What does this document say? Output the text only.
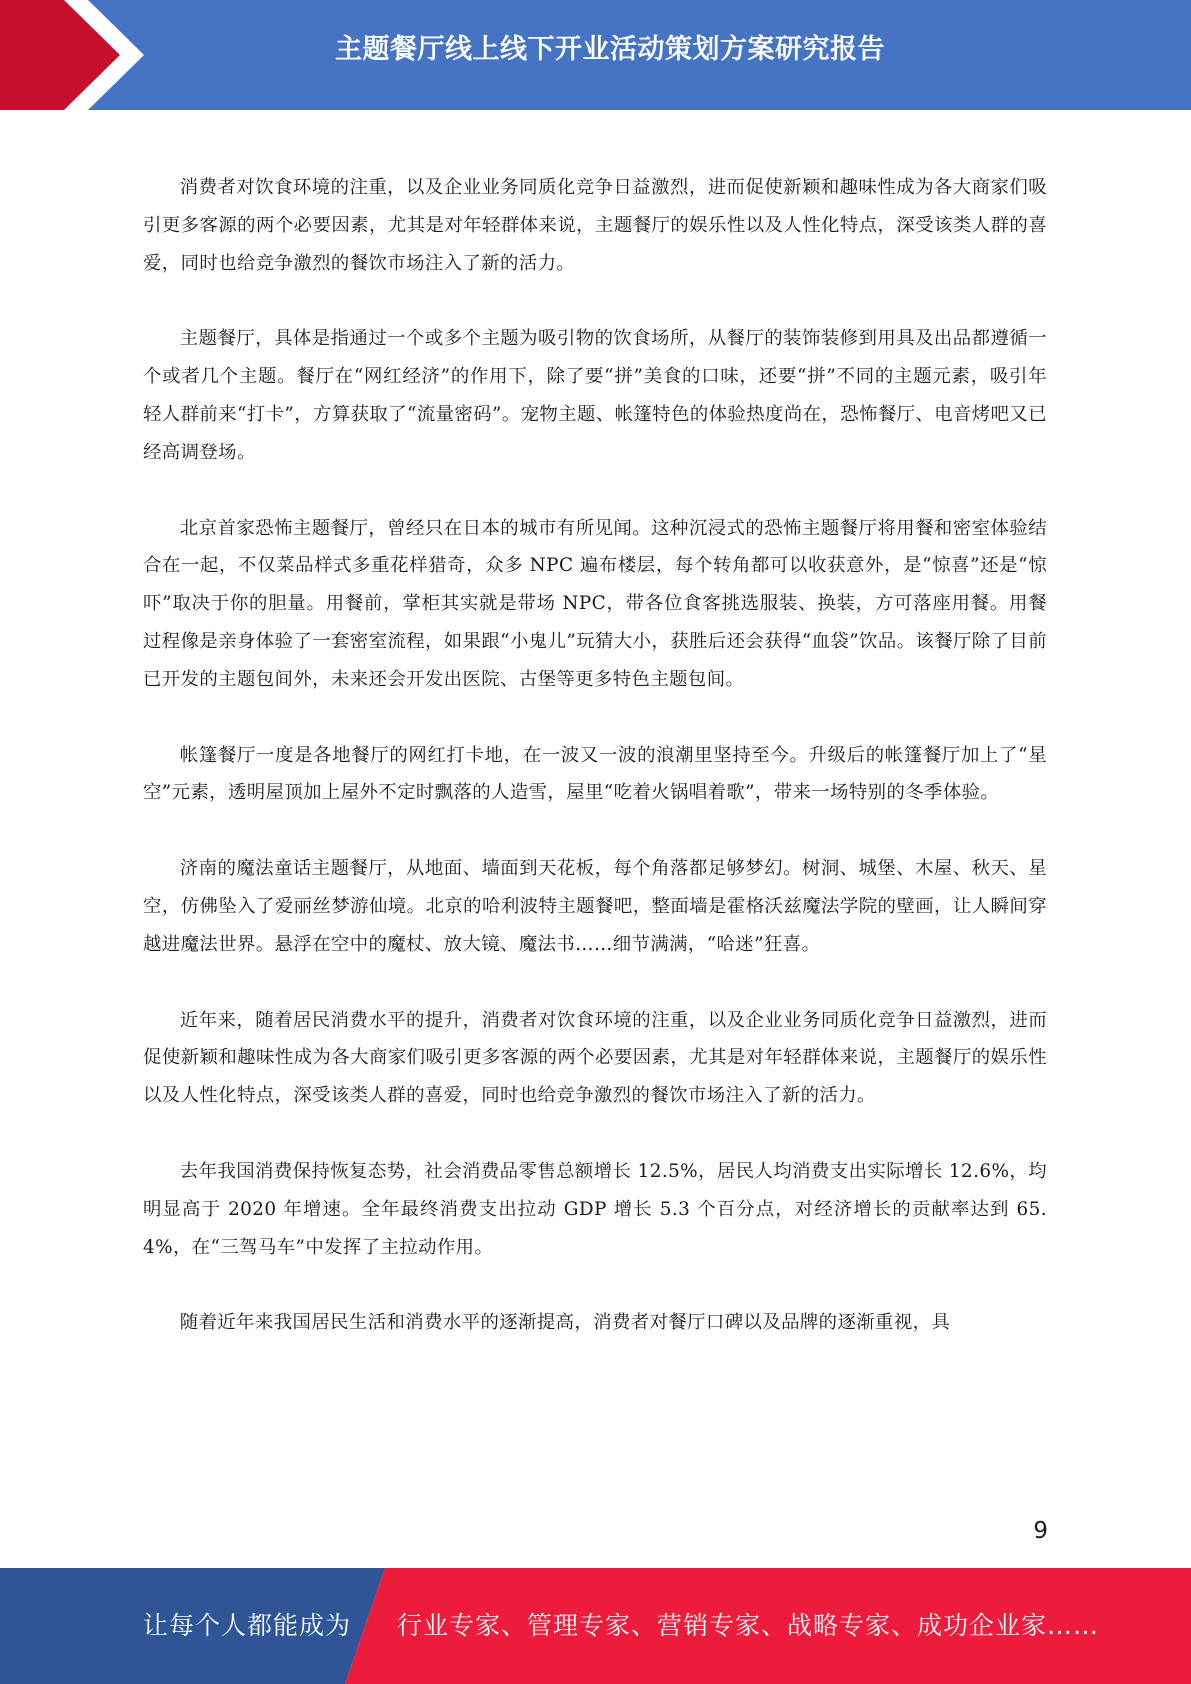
主题餐厅线上线下开业活动策划方案研究报告

消费者对饮食环境的注重，以及企业业务同质化竞争日益激烈，进而促使新颖和趣味性成为各大商家们吸引更多客源的两个必要因素，尤其是对年轻群体来说，主题餐厅的娱乐性以及人性化特点，深受该类人群的喜爱，同时也给竞争激烈的餐饮市场注入了新的活力。

主题餐厅，具体是指通过一个或多个主题为吸引物的饮食场所，从餐厅的装饰装修到用具及出品都遵循一个或者几个主题。餐厅在“网红经济”的作用下，除了要“拼”美食的口味，还要“拼”不同的主题元素，吸引年轻人群前来“打卡”，方算获取了“流量密码”。宠物主题、帐篷特色的体验热度尚在，恐怖餐厅、电音烤吧又已经高调登场。

北京首家恐怖主题餐厅，曾经只在日本的城市有所见闻。这种沉浸式的恐怖主题餐厅将用餐和密室体验结合在一起，不仅菜品样式多重花样猎奇，众多 NPC 遍布楼层，每个转角都可以收获意外，是“惊喜”还是“惊吓”取决于你的胆量。用餐前，掌柜其实就是带场 NPC，带各位食客挑选服装、换装，方可落座用餐。用餐过程像是亲身体验了一套密室流程，如果跟“小鬼儿”玩猜大小，获胜后还会获得“血袋”饮品。该餐厅除了目前已开发的主题包间外，未来还会开发出医院、古堡等更多特色主题包间。

帐篷餐厅一度是各地餐厅的网红打卡地，在一波又一波的浪潮里坚持至今。升级后的帐篷餐厅加上了“星空”元素，透明屋顶加上屋外不定时飘落的人造雪，屋里“吃着火锅唱着歌”，带来一场特别的冬季体验。

济南的魔法童话主题餐厅，从地面、墙面到天花板，每个角落都足够梦幻。树洞、城堡、木屋、秋天、星空，仿佛坠入了爱丽丝梦游仙境。北京的哈利波特主题餐吧，整面墙是霍格沃兹魔法学院的壁画，让人瞬间穿越进魔法世界。悬浮在空中的魔杖、放大镜、魔法书……细节满满，“哈迷”狂喜。

近年来，随着居民消费水平的提升，消费者对饮食环境的注重，以及企业业务同质化竞争日益激烈，进而促使新颖和趣味性成为各大商家们吸引更多客源的两个必要因素，尤其是对年轻群体来说，主题餐厅的娱乐性以及人性化特点，深受该类人群的喜爱，同时也给竞争激烈的餐饮市场注入了新的活力。

去年我国消费保持恢复态势，社会消费品零售总额增长 12.5%，居民人均消费支出实际增长 12.6%，均明显高于 2020 年增速。全年最终消费支出拉动 GDP 增长 5.3 个百分点，对经济增长的贡献率达到 65.4%，在“三驾马车”中发挥了主拉动作用。

随着近年来我国居民生活和消费水平的逐渐提高，消费者对餐厅口碑以及品牌的逐渐重视，具

9
让每个人都能成为 行业专家、管理专家、营销专家、战略专家、成功企业家……
